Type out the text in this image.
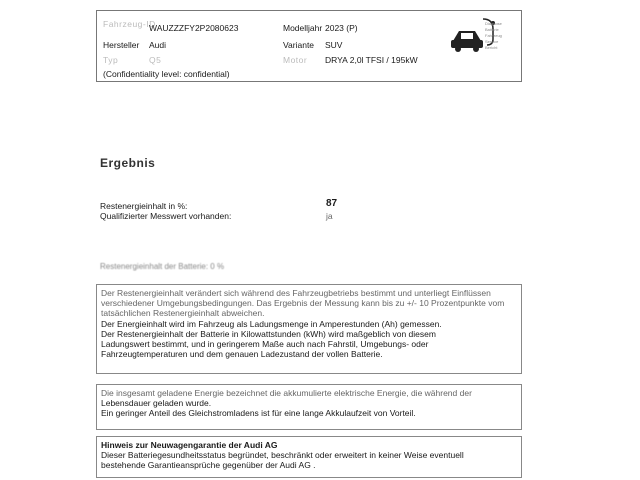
Fahrzeug-ID
WAUZZZFY2P2080623	Modelljahr 2023 (P)
Hersteller Audi	Variante SUV
Typ	Q5	Motor DRYA 2,0l TFSI / 195kW
(Confidentiality level: confidential)
Diagnose
Batterie
Fahrzeug
Service
Bericht
Ergebnis
Restenergieinhalt in %:	87
Qualifizierter Messwert vorhanden:	ja
Restenergieinhalt der Batterie: 0 %

Der Restenergieinhalt verändert sich während des Fahrzeugbetriebs bestimmt und unterliegt Einflüssen

verschiedener Umgebungsbedingungen. Das Ergebnis der Messung kann bis zu +/- 10 Prozentpunkte vom

tatsächlichen Restenergieinhalt abweichen.

Der Energieinhalt wird im Fahrzeug als Ladungsmenge in Amperestunden (Ah) gemessen.

Der Restenergieinhalt der Batterie in Kilowattstunden (kWh) wird maßgeblich von diesem

Ladungswert bestimmt, und in geringerem Maße auch nach Fahrstil, Umgebungs- oder

Fahrzeugtemperaturen und dem genauen Ladezustand der vollen Batterie.

Die insgesamt geladene Energie bezeichnet die akkumulierte elektrische Energie, die während der

Lebensdauer geladen wurde.

Ein geringer Anteil des Gleichstromladens ist für eine lange Akkulaufzeit von Vorteil.

Hinweis zur Neuwagengarantie der Audi AG

Dieser Batteriegesundheitsstatus begründet, beschränkt oder erweitert in keiner Weise eventuell

bestehende Garantieansprüche gegenüber der Audi AG .
